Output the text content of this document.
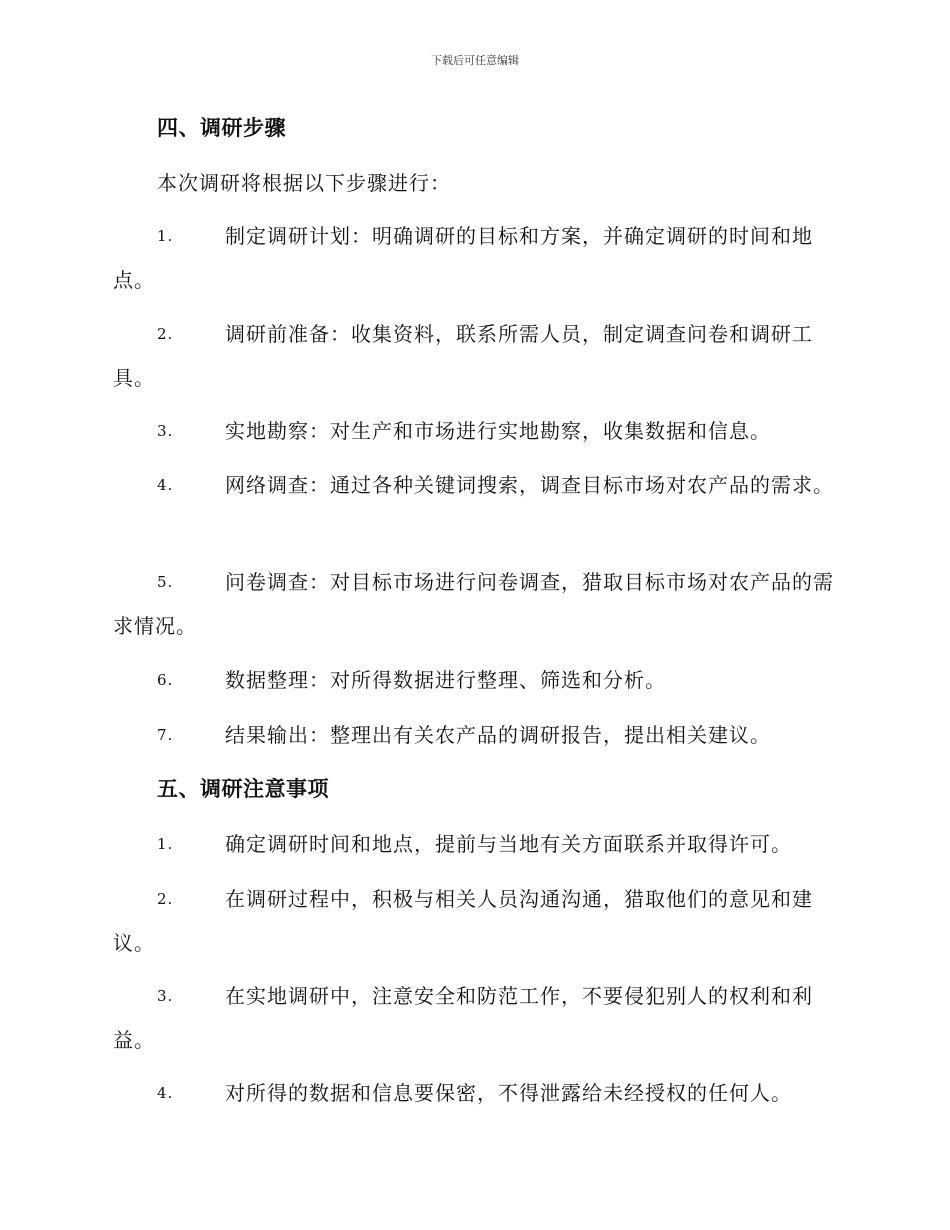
下载后可任意编辑
四、调研步骤
本次调研将根据以下步骤进行：
1.	制定调研计划：明确调研的目标和方案，并确定调研的时间和地点。
2.	调研前准备：收集资料，联系所需人员，制定调查问卷和调研工具。
3.	实地勘察：对生产和市场进行实地勘察，收集数据和信息。
4.	网络调查：通过各种关键词搜索，调查目标市场对农产品的需求。
5.	问卷调查：对目标市场进行问卷调查，猎取目标市场对农产品的需求情况。
6.	数据整理：对所得数据进行整理、筛选和分析。
7.	结果输出：整理出有关农产品的调研报告，提出相关建议。
五、调研注意事项
1.	确定调研时间和地点，提前与当地有关方面联系并取得许可。
2.	在调研过程中，积极与相关人员沟通沟通，猎取他们的意见和建议。
3.	在实地调研中，注意安全和防范工作，不要侵犯别人的权利和利益。
4.	对所得的数据和信息要保密，不得泄露给未经授权的任何人。
